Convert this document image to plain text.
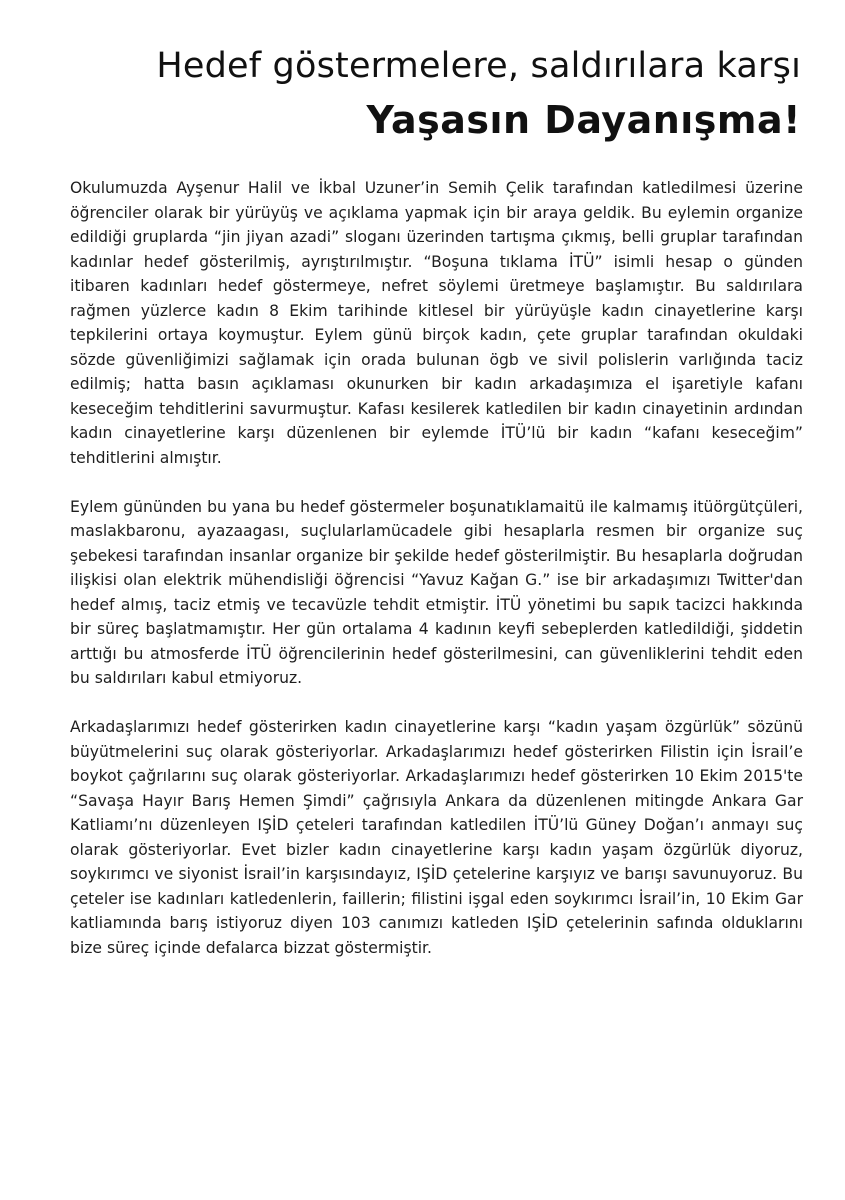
Hedef göstermelere, saldırılara karşı
Yaşasın Dayanışma!

Okulumuzda Ayşenur Halil ve İkbal Uzuner’in Semih Çelik tarafından katledilmesi üzerine öğrenciler olarak bir yürüyüş ve açıklama yapmak için bir araya geldik. Bu eylemin organize edildiği gruplarda “jin jiyan azadi” sloganı üzerinden tartışma çıkmış, belli gruplar tarafından kadınlar hedef gösterilmiş, ayrıştırılmıştır. “Boşuna tıklama İTÜ” isimli hesap o günden itibaren kadınları hedef göstermeye, nefret söylemi üretmeye başlamıştır. Bu saldırılara rağmen yüzlerce kadın 8 Ekim tarihinde kitlesel bir yürüyüşle kadın cinayetlerine karşı tepkilerini ortaya koymuştur. Eylem günü birçok kadın, çete gruplar tarafından okuldaki sözde güvenliğimizi sağlamak için orada bulunan ögb ve sivil polislerin varlığında taciz edilmiş; hatta basın açıklaması okunurken bir kadın arkadaşımıza el işaretiyle kafanı keseceğim tehditlerini savurmuştur. Kafası kesilerek katledilen bir kadın cinayetinin ardından kadın cinayetlerine karşı düzenlenen bir eylemde İTÜ’lü bir kadın “kafanı keseceğim” tehditlerini almıştır.

Eylem gününden bu yana bu hedef göstermeler boşunatıklamaitü ile kalmamış itüörgütçüleri, maslakbaronu, ayazaagası, suçlularlamücadele gibi hesaplarla resmen bir organize suç şebekesi tarafından insanlar organize bir şekilde hedef gösterilmiştir. Bu hesaplarla doğrudan ilişkisi olan elektrik mühendisliği öğrencisi “Yavuz Kağan G.” ise bir arkadaşımızı Twitter'dan hedef almış, taciz etmiş ve tecavüzle tehdit etmiştir. İTÜ yönetimi bu sapık tacizci hakkında bir süreç başlatmamıştır. Her gün ortalama 4 kadının keyfi sebeplerden katledildiği, şiddetin arttığı bu atmosferde İTÜ öğrencilerinin hedef gösterilmesini, can güvenliklerini tehdit eden bu saldırıları kabul etmiyoruz.

Arkadaşlarımızı hedef gösterirken kadın cinayetlerine karşı “kadın yaşam özgürlük” sözünü büyütmelerini suç olarak gösteriyorlar. Arkadaşlarımızı hedef gösterirken Filistin için İsrail’e boykot çağrılarını suç olarak gösteriyorlar. Arkadaşlarımızı hedef gösterirken 10 Ekim 2015'te “Savaşa Hayır Barış Hemen Şimdi” çağrısıyla Ankara da düzenlenen mitingde Ankara Gar Katliamı’nı düzenleyen IŞİD çeteleri tarafından katledilen İTÜ’lü Güney Doğan’ı anmayı suç olarak gösteriyorlar. Evet bizler kadın cinayetlerine karşı kadın yaşam özgürlük diyoruz, soykırımcı ve siyonist İsrail’in karşısındayız, IŞİD çetelerine karşıyız ve barışı savunuyoruz. Bu çeteler ise kadınları katledenlerin, faillerin; filistini işgal eden soykırımcı İsrail’in, 10 Ekim Gar katliamında barış istiyoruz diyen 103 canımızı katleden IŞİD çetelerinin safında olduklarını bize süreç içinde defalarca bizzat göstermiştir.
